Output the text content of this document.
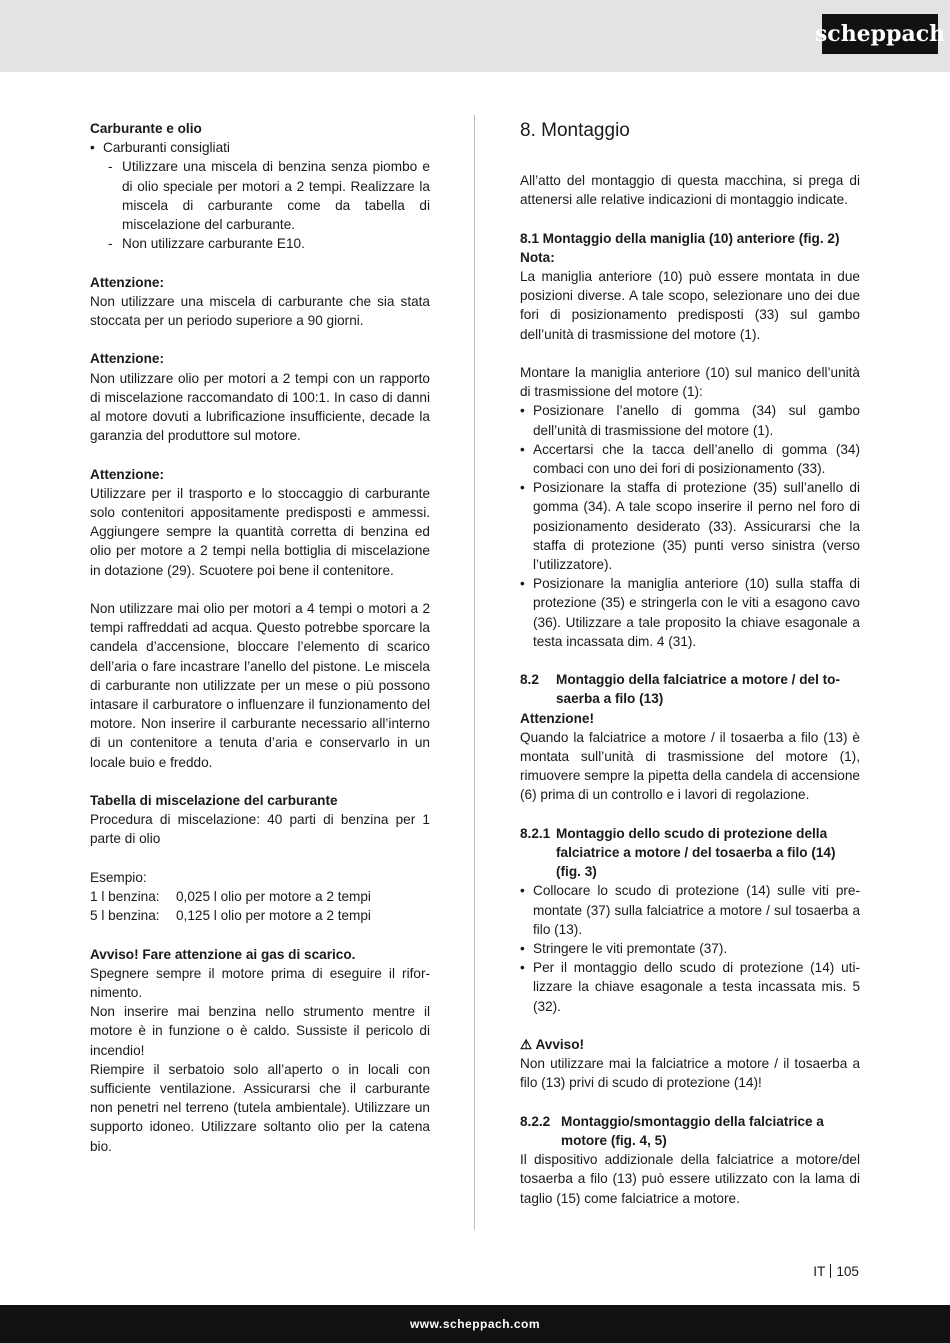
scheppach

Carburante e olio

• Carburanti consigliati
- Utilizzare una miscela di benzina senza piombo e di olio speciale per motori a 2 tempi. Realizzare la miscela di carburante come da tabella di miscelazione del carburante.
- Non utilizzare carburante E10.

Attenzione:

Non utilizzare una miscela di carburante che sia stata stoccata per un periodo superiore a 90 giorni.

Attenzione:

Non utilizzare olio per motori a 2 tempi con un rapporto di miscelazione raccomandato di 100:1. In caso di danni al motore dovuti a lubrificazione insufficiente, decade la garanzia del produttore sul motore.

Attenzione:

Utilizzare per il trasporto e lo stoccaggio di carburante solo contenitori appositamente predisposti e ammessi. Aggiungere sempre la quantità corretta di benzina ed olio per motore a 2 tempi nella bottiglia di miscelazione in dotazione (29). Scuotere poi bene il contenitore.

Non utilizzare mai olio per motori a 4 tempi o motori a 2 tempi raffreddati ad acqua. Questo potrebbe sporcare la candela d’accensione, bloccare l’elemento di scarico dell’aria o fare incastrare l’anello del pistone. Le miscela di carburante non utilizzate per un mese o più possono intasare il carburatore o influenzare il funzionamento del motore. Non inserire il carburante necessario all’interno di un contenitore a tenuta d’aria e conservarlo in un locale buio e freddo.

Tabella di miscelazione del carburante

Procedura di miscelazione: 40 parti di benzina per 1 parte di olio

Esempio:

1 l benzina:	0,025 l olio per motore a 2 tempi
5 l benzina:	0,125 l olio per motore a 2 tempi

Avviso! Fare attenzione ai gas di scarico.

Spegnere sempre il motore prima di eseguire il rifornimento.

Non inserire mai benzina nello strumento mentre il motore è in funzione o è caldo. Sussiste il pericolo di incendio!

Riempire il serbatoio solo all’aperto o in locali con sufficiente ventilazione. Assicurarsi che il carburante non penetri nel terreno (tutela ambientale). Utilizzare un supporto idoneo. Utilizzare soltanto olio per la catena bio.

8. Montaggio

All’atto del montaggio di questa macchina, si prega di attenersi alle relative indicazioni di montaggio indicate.

8.1 Montaggio della maniglia (10) anteriore (fig. 2)

Nota:

La maniglia anteriore (10) può essere montata in due posizioni diverse. A tale scopo, selezionare uno dei due fori di posizionamento predisposti (33) sul gambo dell’unità di trasmissione del motore (1).

Montare la maniglia anteriore (10) sul manico dell’unità di trasmissione del motore (1):

• Posizionare l’anello di gomma (34) sul gambo dell’unità di trasmissione del motore (1).
• Accertarsi che la tacca dell’anello di gomma (34) combaci con uno dei fori di posizionamento (33).
• Posizionare la staffa di protezione (35) sull’anello di gomma (34). A tale scopo inserire il perno nel foro di posizionamento desiderato (33). Assicurarsi che la staffa di protezione (35) punti verso sinistra (verso l’utilizzatore).
• Posizionare la maniglia anteriore (10) sulla staffa di protezione (35) e stringerla con le viti a esagono cavo (36). Utilizzare a tale proposito la chiave esagonale a testa incassata dim. 4 (31).
8.2 Montaggio della falciatrice a motore / del tosaerba a filo (13)

Attenzione!

Quando la falciatrice a motore / il tosaerba a filo (13) è montata sull’unità di trasmissione del motore (1), rimuovere sempre la pipetta della candela di accensione (6) prima di un controllo e i lavori di regolazione.

8.2.1 Montaggio dello scudo di protezione della falciatrice a motore / del tosaerba a filo (14) (fig. 3)
• Collocare lo scudo di protezione (14) sulle viti premontate (37) sulla falciatrice a motore / sul tosaerba a filo (13).
• Stringere le viti premontate (37).
• Per il montaggio dello scudo di protezione (14) utilizzare la chiave esagonale a testa incassata mis. 5 (32).

⚠ Avviso!

Non utilizzare mai la falciatrice a motore / il tosaerba a filo (13) privi di scudo di protezione (14)!

8.2.2 Montaggio/smontaggio della falciatrice a motore (fig. 4, 5)

Il dispositivo addizionale della falciatrice a motore/del tosaerba a filo (13) può essere utilizzato con la lama di taglio (15) come falciatrice a motore.

IT 105
www.scheppach.com
